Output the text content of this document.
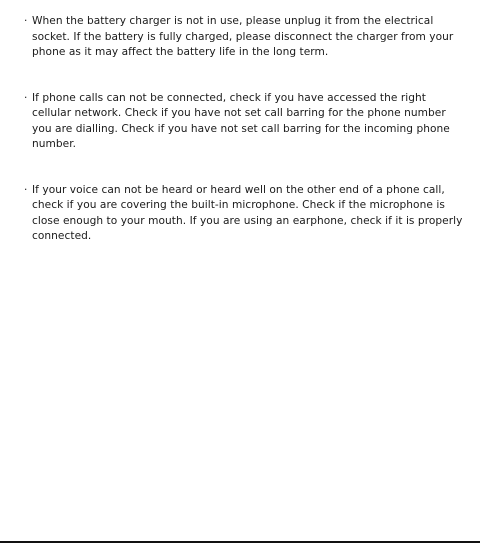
· When the battery charger is not in use, please unplug it from the electrical socket. If the battery is fully charged, please disconnect the charger from your phone as it may affect the battery life in the long term.
· If phone calls can not be connected, check if you have accessed the right cellular network. Check if you have not set call barring for the phone number you are dialling. Check if you have not set call barring for the incoming phone number.
· If your voice can not be heard or heard well on the other end of a phone call, check if you are covering the built-in microphone. Check if the microphone is close enough to your mouth. If you are using an earphone, check if it is properly connected.
